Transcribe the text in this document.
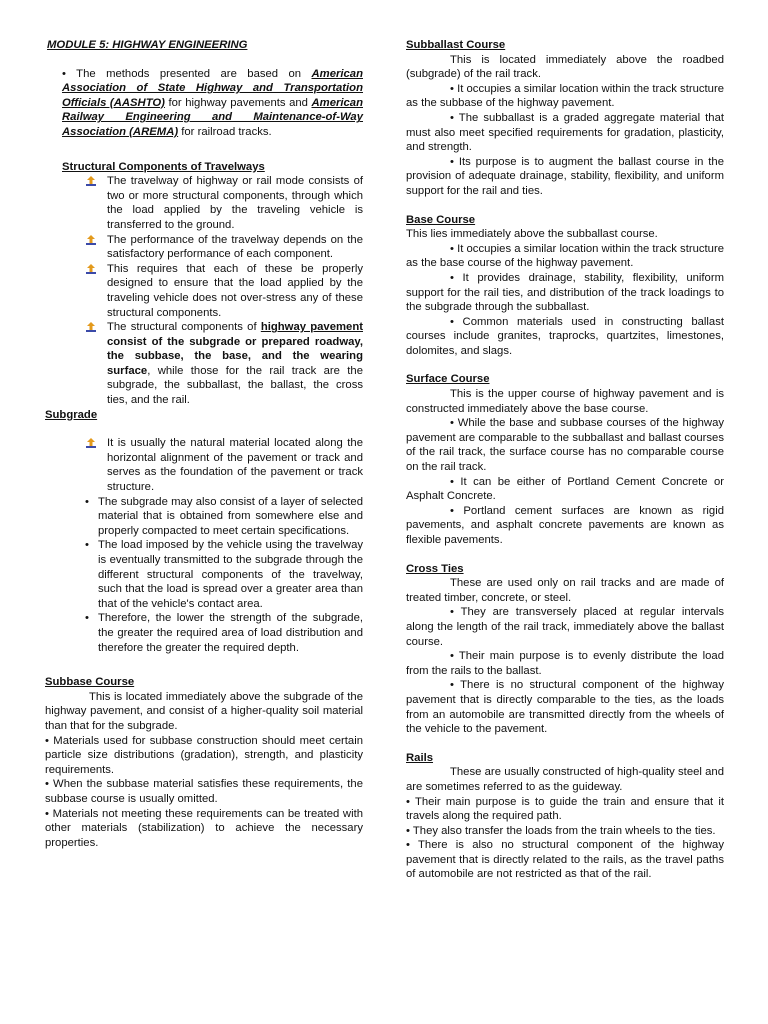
MODULE 5: HIGHWAY ENGINEERING

• The methods presented are based on American Association of State Highway and Transportation Officials (AASHTO) for highway pavements and American Railway Engineering and Maintenance-of-Way Association (AREMA) for railroad tracks.

Structural Components of Travelways

The travelway of highway or rail mode consists of two or more structural components, through which the load applied by the traveling vehicle is transferred to the ground.
The performance of the travelway depends on the satisfactory performance of each component.
This requires that each of these be properly designed to ensure that the load applied by the traveling vehicle does not over-stress any of these structural components.
The structural components of highway pavement consist of the subgrade or prepared roadway, the subbase, the base, and the wearing surface, while those for the rail track are the subgrade, the subballast, the ballast, the cross ties, and the rail.

Subgrade

It is usually the natural material located along the horizontal alignment of the pavement or track and serves as the foundation of the pavement or track structure.
• The subgrade may also consist of a layer of selected material that is obtained from somewhere else and properly compacted to meet certain specifications.
• The load imposed by the vehicle using the travelway is eventually transmitted to the subgrade through the different structural components of the travelway, such that the load is spread over a greater area than that of the vehicle's contact area.
• Therefore, the lower the strength of the subgrade, the greater the required area of load distribution and therefore the greater the required depth.

Subbase Course

This is located immediately above the subgrade of the highway pavement, and consist of a higher-quality soil material than that for the subgrade.

• Materials used for subbase construction should meet certain particle size distributions (gradation), strength, and plasticity requirements.

• When the subbase material satisfies these requirements, the subbase course is usually omitted.

• Materials not meeting these requirements can be treated with other materials (stabilization) to achieve the necessary properties.

Subballast Course

This is located immediately above the roadbed (subgrade) of the rail track.

• It occupies a similar location within the track structure as the subbase of the highway pavement.

• The subballast is a graded aggregate material that must also meet specified requirements for gradation, plasticity, and strength.

• Its purpose is to augment the ballast course in the provision of adequate drainage, stability, flexibility, and uniform support for the rail and ties.

Base Course

This lies immediately above the subballast course.

• It occupies a similar location within the track structure as the base course of the highway pavement.

• It provides drainage, stability, flexibility, uniform support for the rail ties, and distribution of the track loadings to the subgrade through the subballast.

• Common materials used in constructing ballast courses include granites, traprocks, quartzites, limestones, dolomites, and slags.

Surface Course

This is the upper course of highway pavement and is constructed immediately above the base course.

• While the base and subbase courses of the highway pavement are comparable to the subballast and ballast courses of the rail track, the surface course has no comparable course on the rail track.

• It can be either of Portland Cement Concrete or Asphalt Concrete.

• Portland cement surfaces are known as rigid pavements, and asphalt concrete pavements are known as flexible pavements.

Cross Ties

These are used only on rail tracks and are made of treated timber, concrete, or steel.

• They are transversely placed at regular intervals along the length of the rail track, immediately above the ballast course.

• Their main purpose is to evenly distribute the load from the rails to the ballast.

• There is no structural component of the highway pavement that is directly comparable to the ties, as the loads from an automobile are transmitted directly from the wheels of the vehicle to the pavement.

Rails

These are usually constructed of high-quality steel and are sometimes referred to as the guideway.

• Their main purpose is to guide the train and ensure that it travels along the required path.

• They also transfer the loads from the train wheels to the ties.

• There is also no structural component of the highway pavement that is directly related to the rails, as the travel paths of automobile are not restricted as that of the rail.
